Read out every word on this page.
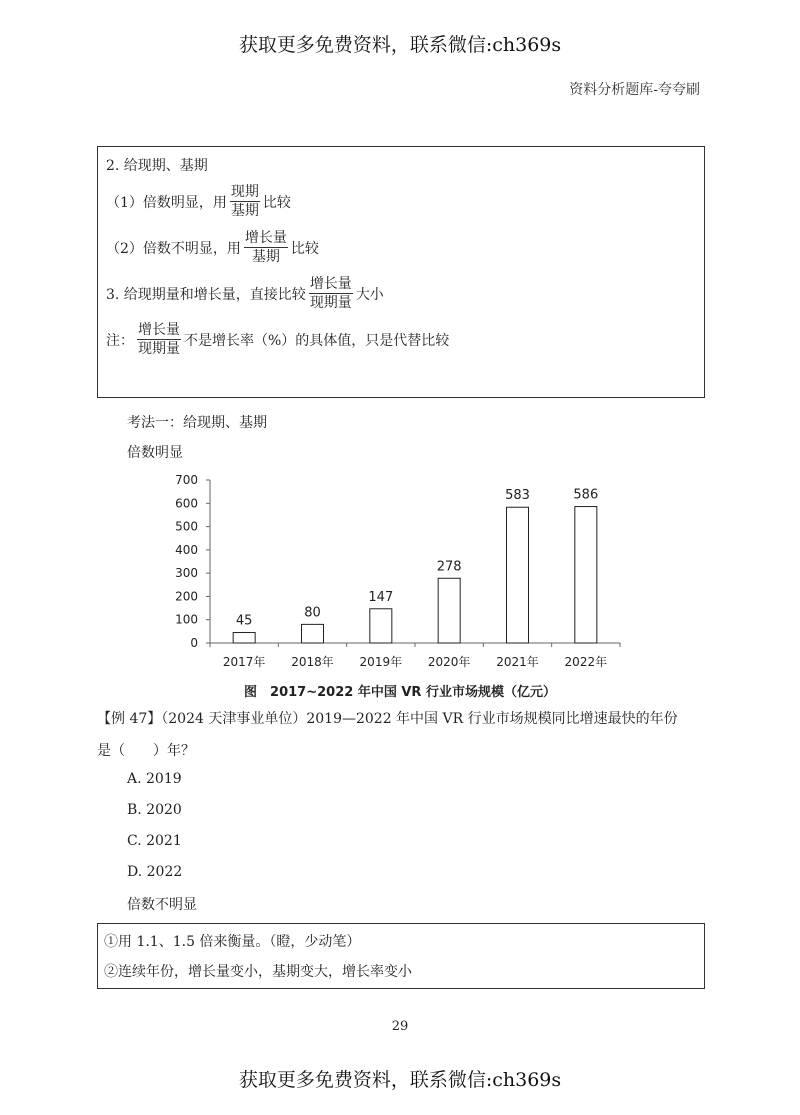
获取更多免费资料，联系微信:ch369s
资料分析题库-夸夸刷
2. 给现期、基期
（1）倍数明显，用 $\frac{\text{现期}}{\text{基期}}$ 比较
（2）倍数不明显，用 $\frac{\text{增长量}}{\text{基期}}$ 比较
3. 给现期量和增长量，直接比较 $\frac{\text{增长量}}{\text{现期量}}$ 大小
注： $\frac{\text{增长量}}{\text{现期量}}$ 不是增长率（%）的具体值，只是代替比较
考法一：给现期、基期
倍数明显
0
100
200
300
400
500
600
700
45
2017年
80
2018年
147
2019年
278
2020年
583
2021年
586
2022年
图　2017~2022 年中国 VR 行业市场规模（亿元）
【例 47】（2024 天津事业单位）2019—2022 年中国 VR 行业市场规模同比增速最快的年份
是（　　）年？
A. 2019
B. 2020
C. 2021
D. 2022
倍数不明显
①用 1.1、1.5 倍来衡量。（瞪，少动笔）
②连续年份，增长量变小，基期变大，增长率变小
29
获取更多免费资料，联系微信:ch369s
